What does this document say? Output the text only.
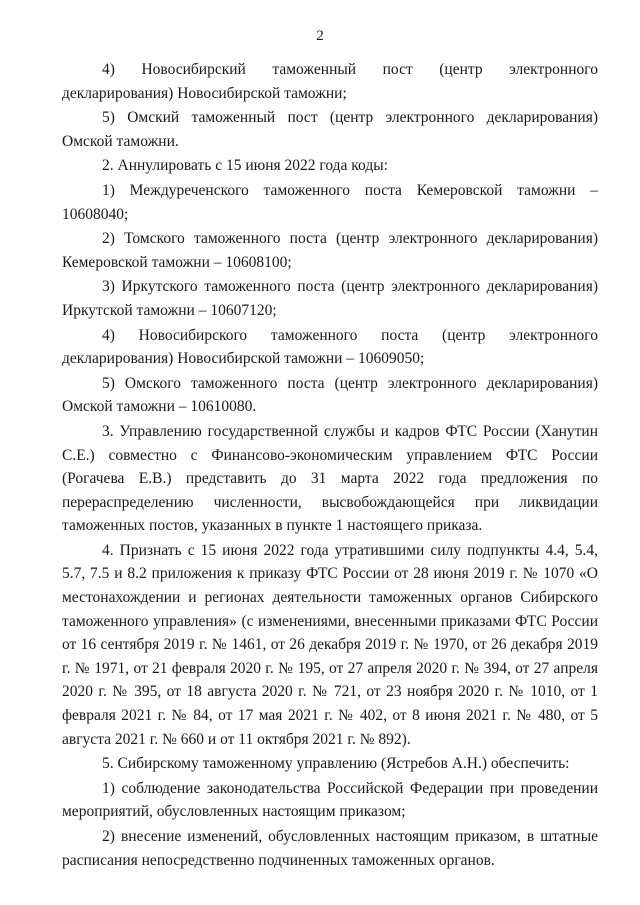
2

4) Новосибирский таможенный пост (центр электронного декларирования) Новосибирской таможни;

5) Омский таможенный пост (центр электронного декларирования) Омской таможни.

2. Аннулировать с 15 июня 2022 года коды:

1) Междуреченского таможенного поста Кемеровской таможни – 10608040;

2) Томского таможенного поста (центр электронного декларирования) Кемеровской таможни – 10608100;

3) Иркутского таможенного поста (центр электронного декларирования) Иркутской таможни – 10607120;

4) Новосибирского таможенного поста (центр электронного декларирования) Новосибирской таможни – 10609050;

5) Омского таможенного поста (центр электронного декларирования) Омской таможни – 10610080.

3. Управлению государственной службы и кадров ФТС России (Ханутин С.Е.) совместно с Финансово-экономическим управлением ФТС России (Рогачева Е.В.) представить до 31 марта 2022 года предложения по перераспределению численности, высвобождающейся при ликвидации таможенных постов, указанных в пункте 1 настоящего приказа.

4. Признать с 15 июня 2022 года утратившими силу подпункты 4.4, 5.4, 5.7, 7.5 и 8.2 приложения к приказу ФТС России от 28 июня 2019 г. № 1070 «О местонахождении и регионах деятельности таможенных органов Сибирского таможенного управления» (с изменениями, внесенными приказами ФТС России от 16 сентября 2019 г. № 1461, от 26 декабря 2019 г. № 1970, от 26 декабря 2019 г. № 1971, от 21 февраля 2020 г. № 195, от 27 апреля 2020 г. № 394, от 27 апреля 2020 г. № 395, от 18 августа 2020 г. № 721, от 23 ноября 2020 г. № 1010, от 1 февраля 2021 г. № 84, от 17 мая 2021 г. № 402, от 8 июня 2021 г. № 480, от 5 августа 2021 г. № 660 и от 11 октября 2021 г. № 892).

5. Сибирскому таможенному управлению (Ястребов А.Н.) обеспечить:

1) соблюдение законодательства Российской Федерации при проведении мероприятий, обусловленных настоящим приказом;

2) внесение изменений, обусловленных настоящим приказом, в штатные расписания непосредственно подчиненных таможенных органов.
